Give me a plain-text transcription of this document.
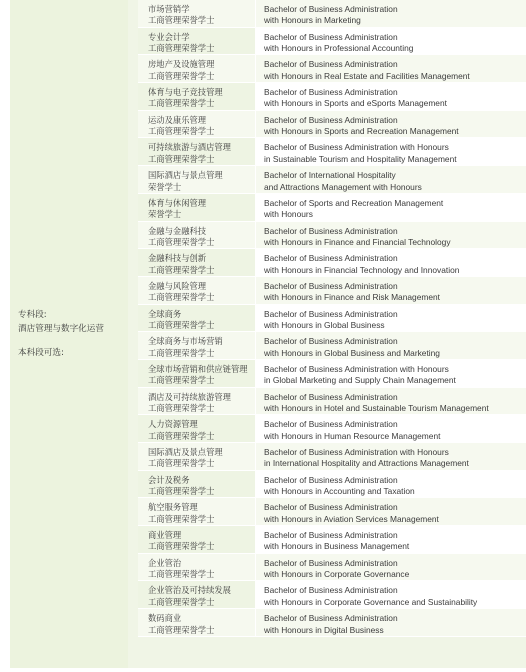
专科段:
酒店管理与数字化运营
本科段可选:
市场营销学
工商管理荣誉学士
Bachelor of Business Administration
with Honours in Marketing
专业会计学
工商管理荣誉学士
Bachelor of Business Administration
with Honours in Professional Accounting
房地产及设施管理
工商管理荣誉学士
Bachelor of Business Administration
with Honours in Real Estate and Facilities Management
体育与电子竞技管理
工商管理荣誉学士
Bachelor of Business Administration
with Honours in Sports and eSports Management
运动及康乐管理
工商管理荣誉学士
Bachelor of Business Administration
with Honours in Sports and Recreation Management
可持续旅游与酒店管理
工商管理荣誉学士
Bachelor of Business Administration with Honours
in Sustainable Tourism and Hospitality Management
国际酒店与景点管理
荣誉学士
Bachelor of International Hospitality
and Attractions Management with Honours
体育与休闲管理
荣誉学士
Bachelor of Sports and Recreation Management
with Honours
金融与金融科技
工商管理荣誉学士
Bachelor of Business Administration
with Honours in Finance and Financial Technology
金融科技与创新
工商管理荣誉学士
Bachelor of Business Administration
with Honours in Financial Technology and Innovation
金融与风险管理
工商管理荣誉学士
Bachelor of Business Administration
with Honours in Finance and Risk Management
全球商务
工商管理荣誉学士
Bachelor of Business Administration
with Honours in Global Business
全球商务与市场营销
工商管理荣誉学士
Bachelor of Business Administration
with Honours in Global Business and Marketing
全球市场营销和供应链管理
工商管理荣誉学士
Bachelor of Business Administration with Honours
in Global Marketing and Supply Chain Management
酒店及可持续旅游管理
工商管理荣誉学士
Bachelor of Business Administration
with Honours in Hotel and Sustainable Tourism Management
人力资源管理
工商管理荣誉学士
Bachelor of Business Administration
with Honours in Human Resource Management
国际酒店及景点管理
工商管理荣誉学士
Bachelor of Business Administration with Honours
in International Hospitality and Attractions Management
会计及税务
工商管理荣誉学士
Bachelor of Business Administration
with Honours in Accounting and Taxation
航空服务管理
工商管理荣誉学士
Bachelor of Business Administration
with Honours in Aviation Services Management
商业管理
工商管理荣誉学士
Bachelor of Business Administration
with Honours in Business Management
企业管治
工商管理荣誉学士
Bachelor of Business Administration
with Honours in Corporate Governance
企业管治及可持续发展
工商管理荣誉学士
Bachelor of Business Administration
with Honours in Corporate Governance and Sustainability
数码商业
工商管理荣誉学士
Bachelor of Business Administration
with Honours in Digital Business
